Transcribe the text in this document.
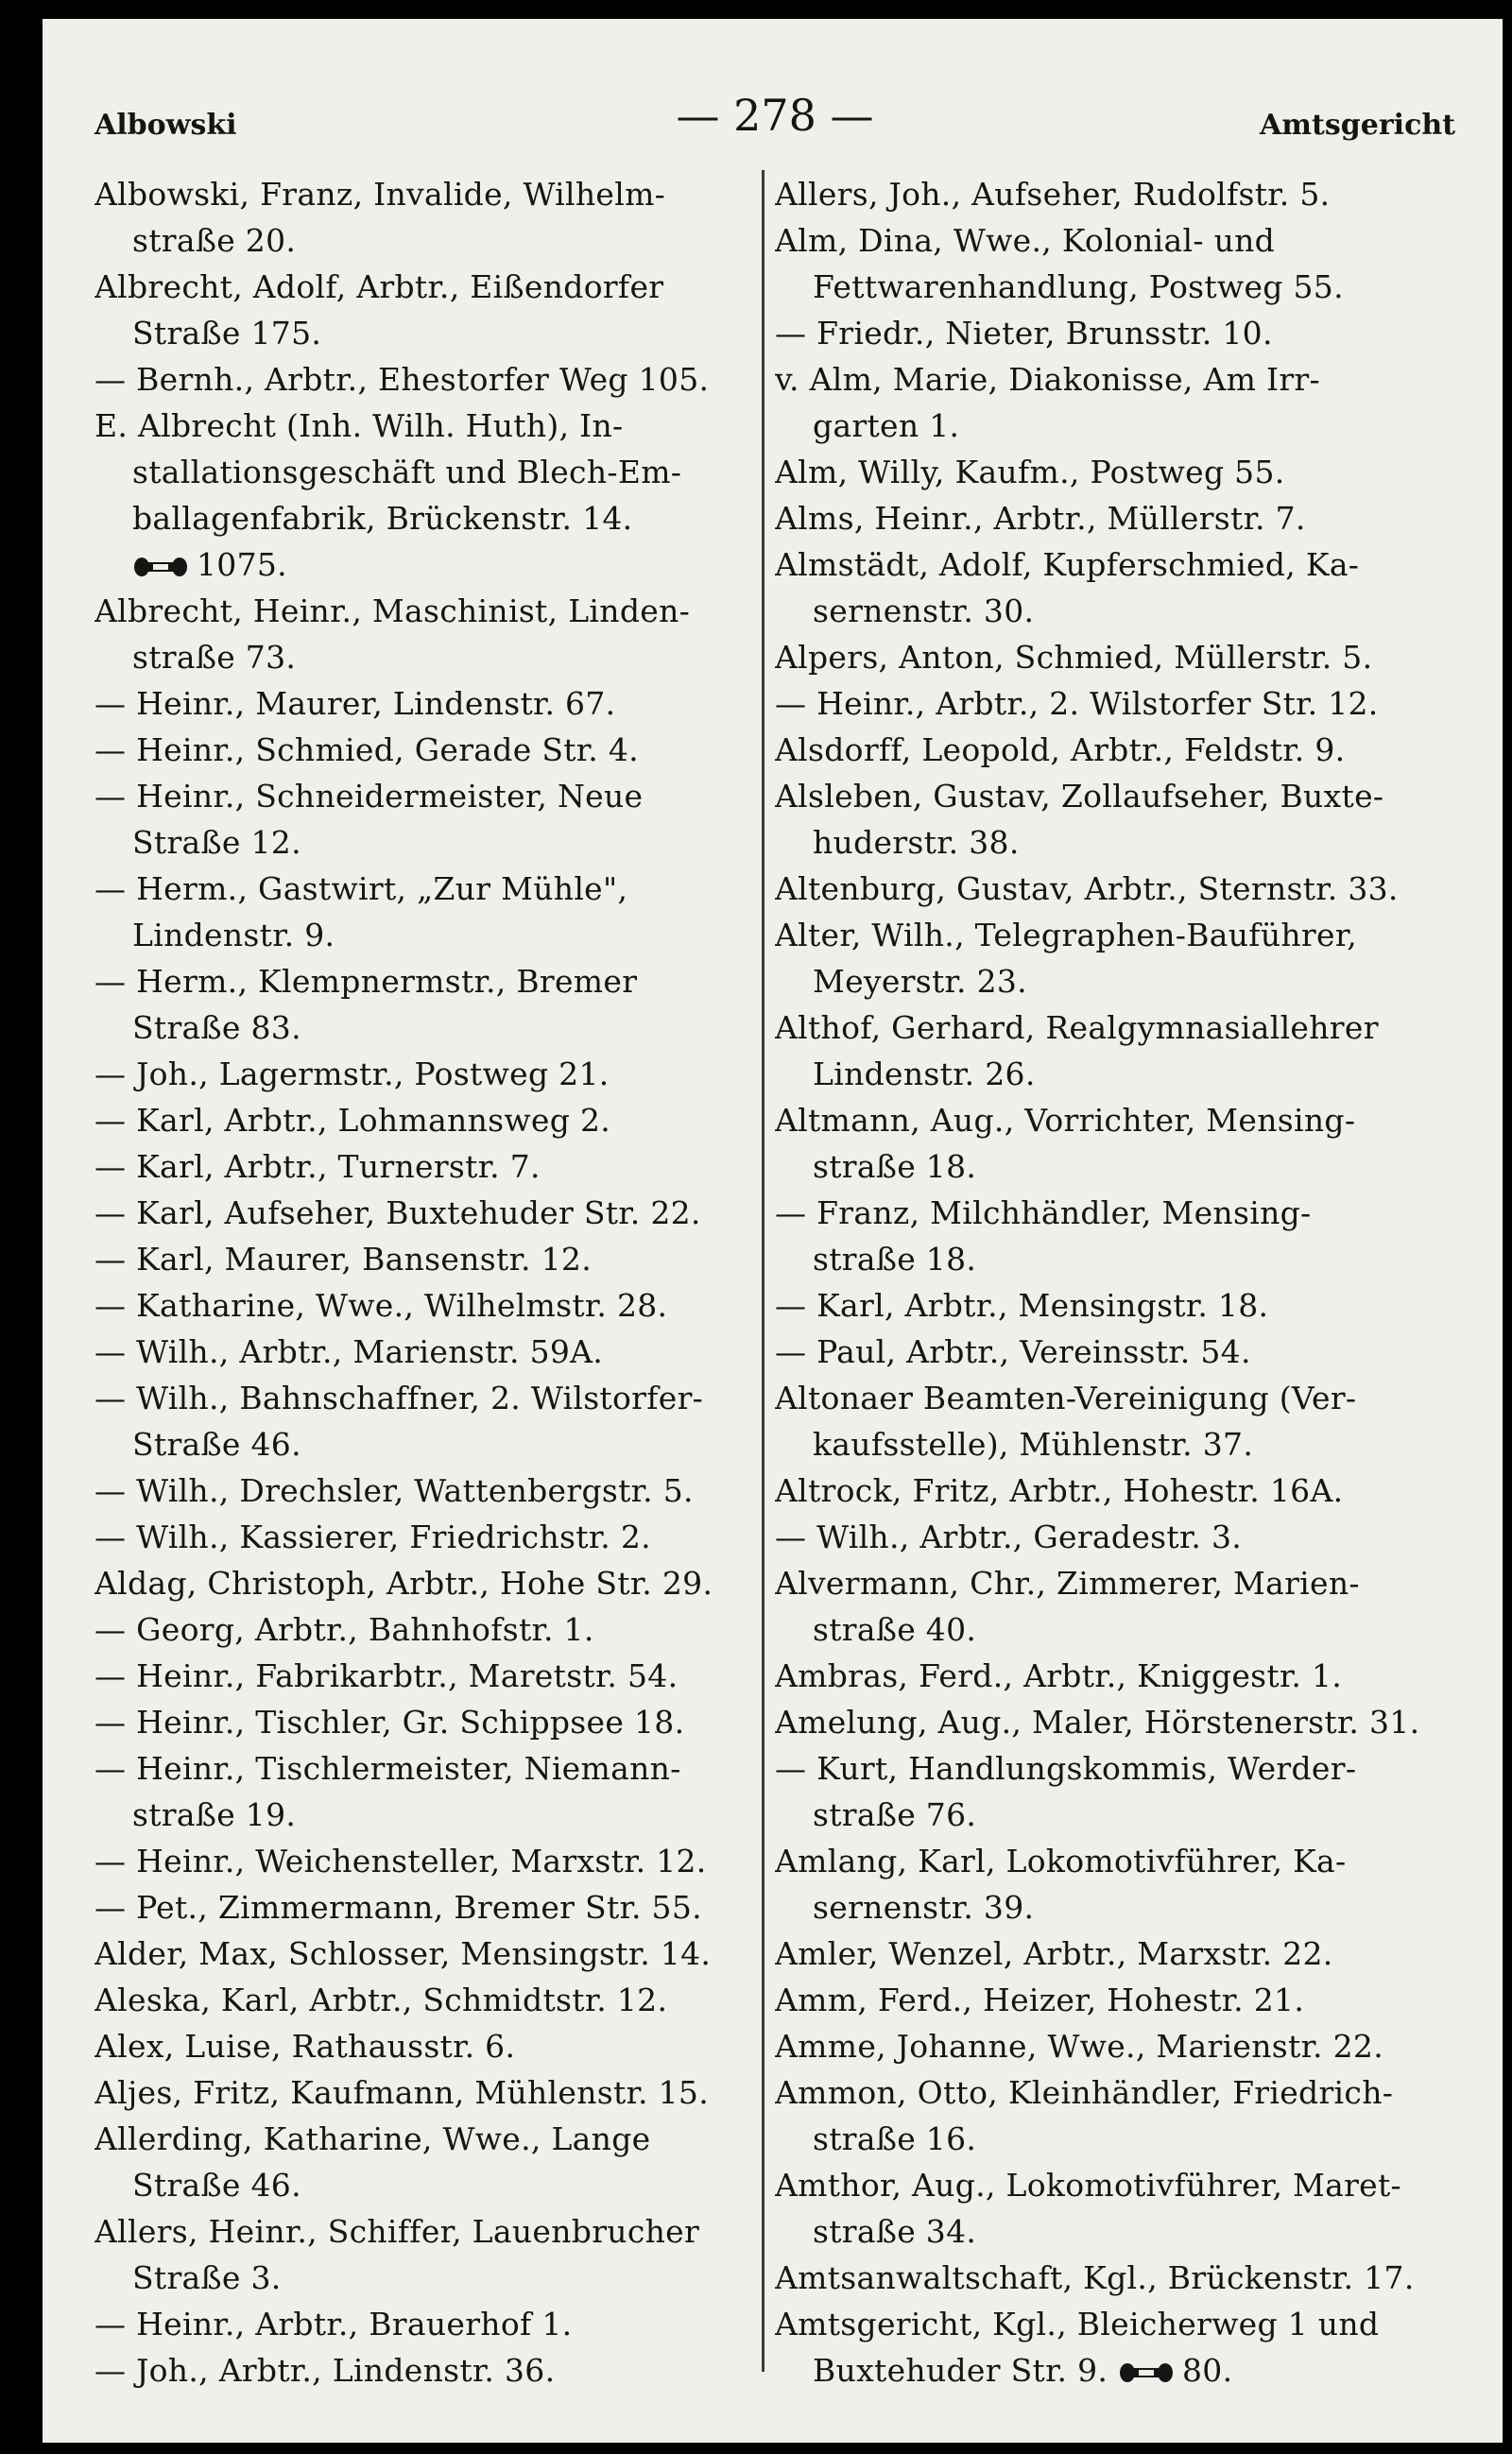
Albowski	— 278 —	Amtsgericht
Albowski, Franz, Invalide, Wilhelm-
straße 20.
Albrecht, Adolf, Arbtr., Eißendorfer
Straße 175.
— Bernh., Arbtr., Ehestorfer Weg 105.
E. Albrecht (Inh. Wilh. Huth), In-
stallationsgeschäft und Blech-Em-
ballagenfabrik, Brückenstr. 14.
1075.
Albrecht, Heinr., Maschinist, Linden-
straße 73.
— Heinr., Maurer, Lindenstr. 67.
— Heinr., Schmied, Gerade Str. 4.
— Heinr., Schneidermeister, Neue
Straße 12.
— Herm., Gastwirt, „Zur Mühle",
Lindenstr. 9.
— Herm., Klempnermstr., Bremer
Straße 83.
— Joh., Lagermstr., Postweg 21.
— Karl, Arbtr., Lohmannsweg 2.
— Karl, Arbtr., Turnerstr. 7.
— Karl, Aufseher, Buxtehuder Str. 22.
— Karl, Maurer, Bansenstr. 12.
— Katharine, Wwe., Wilhelmstr. 28.
— Wilh., Arbtr., Marienstr. 59A.
— Wilh., Bahnschaffner, 2. Wilstorfer-
Straße 46.
— Wilh., Drechsler, Wattenbergstr. 5.
— Wilh., Kassierer, Friedrichstr. 2.
Aldag, Christoph, Arbtr., Hohe Str. 29.
— Georg, Arbtr., Bahnhofstr. 1.
— Heinr., Fabrikarbtr., Maretstr. 54.
— Heinr., Tischler, Gr. Schippsee 18.
— Heinr., Tischlermeister, Niemann-
straße 19.
— Heinr., Weichensteller, Marxstr. 12.
— Pet., Zimmermann, Bremer Str. 55.
Alder, Max, Schlosser, Mensingstr. 14.
Aleska, Karl, Arbtr., Schmidtstr. 12.
Alex, Luise, Rathausstr. 6.
Aljes, Fritz, Kaufmann, Mühlenstr. 15.
Allerding, Katharine, Wwe., Lange
Straße 46.
Allers, Heinr., Schiffer, Lauenbrucher
Straße 3.
— Heinr., Arbtr., Brauerhof 1.
— Joh., Arbtr., Lindenstr. 36.
Allers, Joh., Aufseher, Rudolfstr. 5.
Alm, Dina, Wwe., Kolonial- und
Fettwarenhandlung, Postweg 55.
— Friedr., Nieter, Brunsstr. 10.
v. Alm, Marie, Diakonisse, Am Irr-
garten 1.
Alm, Willy, Kaufm., Postweg 55.
Alms, Heinr., Arbtr., Müllerstr. 7.
Almstädt, Adolf, Kupferschmied, Ka-
sernenstr. 30.
Alpers, Anton, Schmied, Müllerstr. 5.
— Heinr., Arbtr., 2. Wilstorfer Str. 12.
Alsdorff, Leopold, Arbtr., Feldstr. 9.
Alsleben, Gustav, Zollaufseher, Buxte-
huderstr. 38.
Altenburg, Gustav, Arbtr., Sternstr. 33.
Alter, Wilh., Telegraphen-Bauführer,
Meyerstr. 23.
Althof, Gerhard, Realgymnasiallehrer
Lindenstr. 26.
Altmann, Aug., Vorrichter, Mensing-
straße 18.
— Franz, Milchhändler, Mensing-
straße 18.
— Karl, Arbtr., Mensingstr. 18.
— Paul, Arbtr., Vereinsstr. 54.
Altonaer Beamten-Vereinigung (Ver-
kaufsstelle), Mühlenstr. 37.
Altrock, Fritz, Arbtr., Hohestr. 16A.
— Wilh., Arbtr., Geradestr. 3.
Alvermann, Chr., Zimmerer, Marien-
straße 40.
Ambras, Ferd., Arbtr., Kniggestr. 1.
Amelung, Aug., Maler, Hörstenerstr. 31.
— Kurt, Handlungskommis, Werder-
straße 76.
Amlang, Karl, Lokomotivführer, Ka-
sernenstr. 39.
Amler, Wenzel, Arbtr., Marxstr. 22.
Amm, Ferd., Heizer, Hohestr. 21.
Amme, Johanne, Wwe., Marienstr. 22.
Ammon, Otto, Kleinhändler, Friedrich-
straße 16.
Amthor, Aug., Lokomotivführer, Maret-
straße 34.
Amtsanwaltschaft, Kgl., Brückenstr. 17.
Amtsgericht, Kgl., Bleicherweg 1 und
Buxtehuder Str. 9. 80.
